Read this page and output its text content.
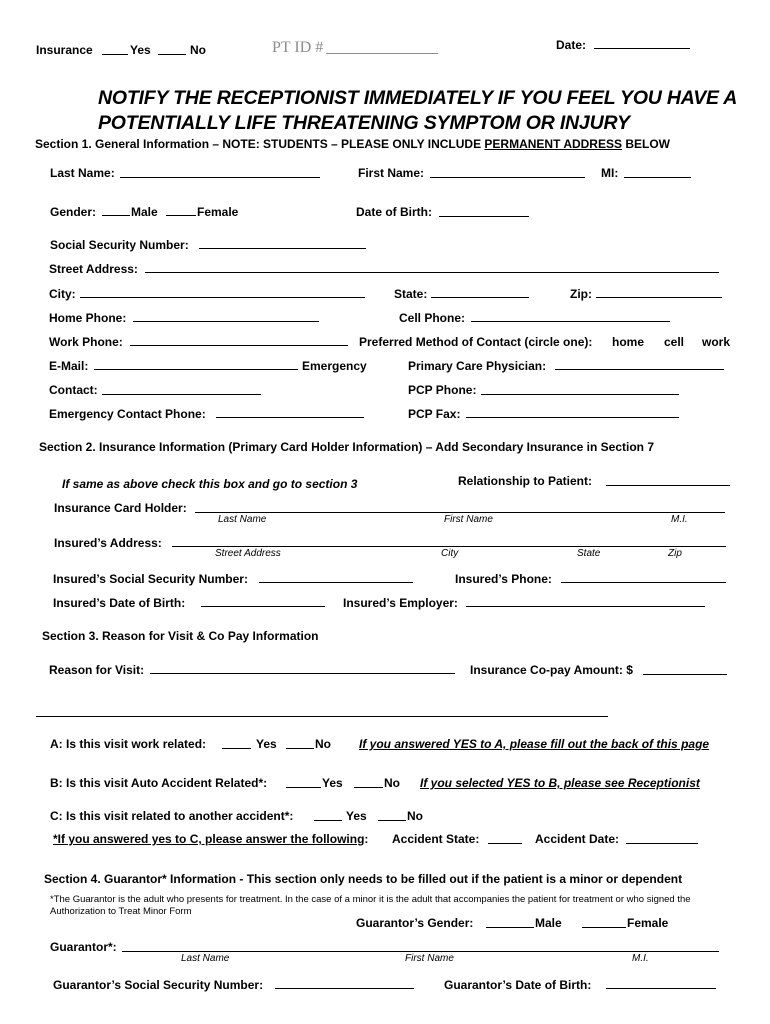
Insurance	Yes	No	PT ID #	Date:
NOTIFY THE RECEPTIONIST IMMEDIATELY IF YOU FEEL YOU HAVE A
POTENTIALLY LIFE THREATENING SYMPTOM OR INJURY
Section 1. General Information – NOTE: STUDENTS – PLEASE ONLY INCLUDE PERMANENT ADDRESS BELOW
Last Name:	First Name:	MI:
Gender:	Male	Female	Date of Birth:
Social Security Number:
Street Address:
City:	State:	Zip:
Home Phone:	Cell Phone:
Work Phone:	Preferred Method of Contact (circle one): home cell work
E-Mail:	Emergency	Primary Care Physician:
Contact:	PCP Phone:
Emergency Contact Phone:	PCP Fax:
Section 2. Insurance Information (Primary Card Holder Information) – Add Secondary Insurance in Section 7
If same as above check this box and go to section 3	Relationship to Patient:
Insurance Card Holder:
Last Name	First Name	M.I.
Insured’s Address:
Street Address	City	State	Zip
Insured’s Social Security Number:	Insured’s Phone:
Insured’s Date of Birth:	Insured’s Employer:
Section 3. Reason for Visit & Co Pay Information
Reason for Visit:	Insurance Co-pay Amount: $
A: Is this visit work related:	Yes	No If you answered YES to A, please fill out the back of this page
B: Is this visit Auto Accident Related*:	Yes	No If you selected YES to B, please see Receptionist
C: Is this visit related to another accident*:	Yes	No
*If you answered yes to C, please answer the following: Accident State:	Accident Date:
Section 4. Guarantor* Information - This section only needs to be filled out if the patient is a minor or dependent
*The Guarantor is the adult who presents for treatment. In the case of a minor it is the adult that accompanies the patient for treatment or who signed the Authorization to Treat Minor Form
Guarantor’s Gender:	Male	Female
Guarantor*:
Last Name	First Name	M.I.
Guarantor’s Social Security Number:	Guarantor’s Date of Birth:
